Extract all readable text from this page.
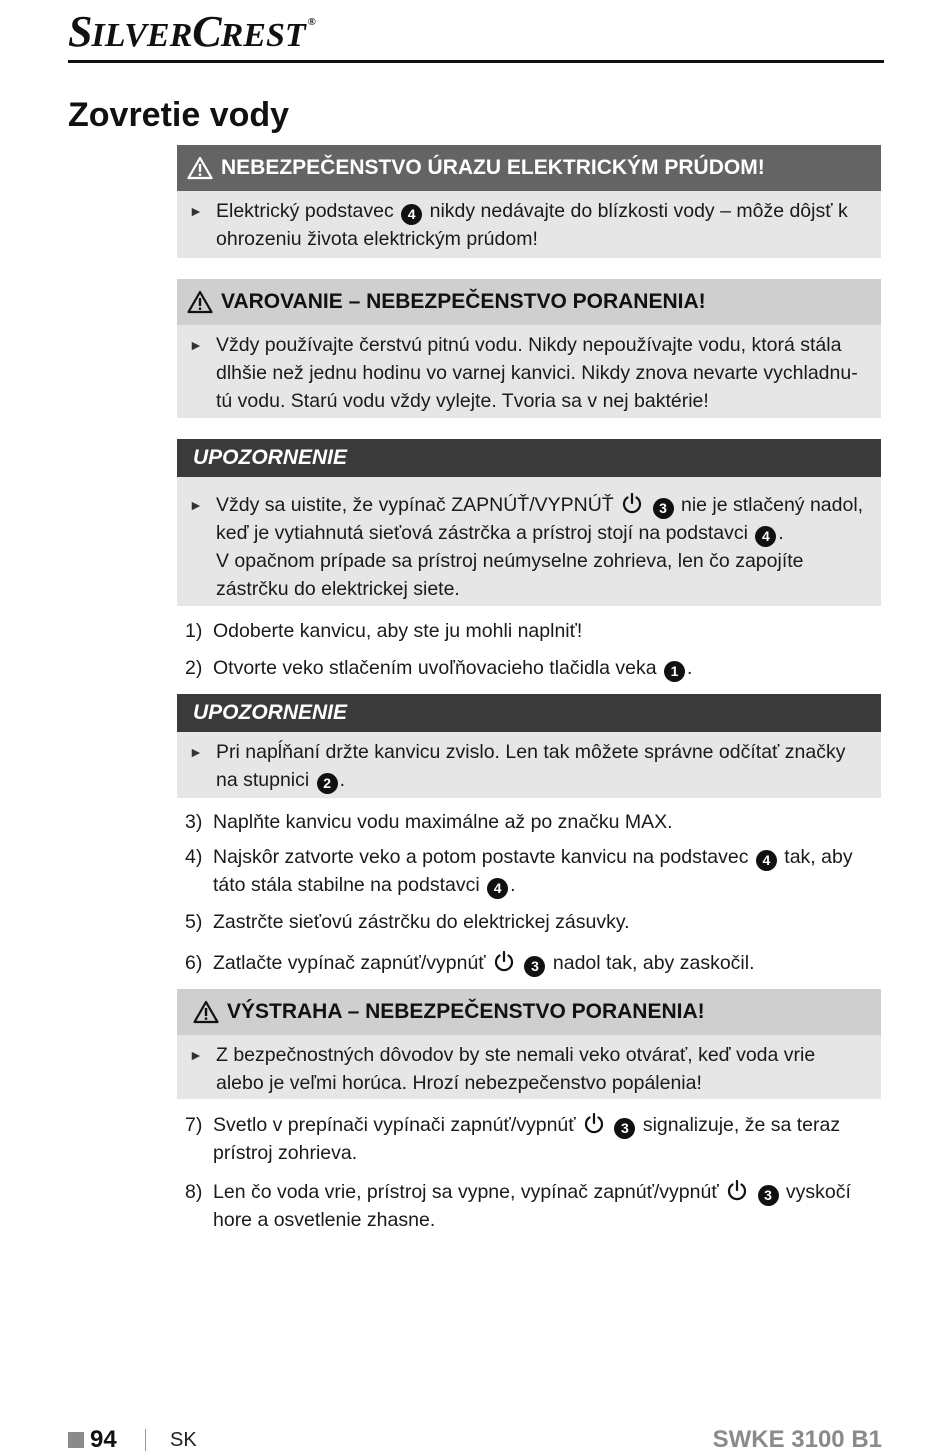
SILVERCREST ®
Zovretie vody
NEBEZPEČENSTVO ÚRAZU ELEKTRICKÝM PRÚDOM!
► Elektrický podstavec 4 nikdy nedávajte do blízkosti vody – môže dôjsť k ohrozeniu života elektrickým prúdom!

VAROVANIE – NEBEZPEČENSTVO PORANENIA!
► Vždy používajte čerstvú pitnú vodu. Nikdy nepoužívajte vodu, ktorá stála dlhšie než jednu hodinu vo varnej kanvici. Nikdy znova nevarte vychladnu-tú vodu. Starú vodu vždy vylejte. Tvoria sa v nej baktérie!

UPOZORNENIE
► Vždy sa uistite, že vypínač ZAPNÚŤ/VYPNÚŤ	3 nie je stlačený nadol, keď je vytiahnutá sieťová zástrčka a prístroj stojí na podstavci 4 .

V opačnom prípade sa prístroj neúmyselne zohrieva, len čo zapojíte zástrčku do elektrickej siete.

1) Odoberte kanvicu, aby ste ju mohli naplniť!
2) Otvorte veko stlačením uvoľňovacieho tlačidla veka 1 .
UPOZORNENIE
► Pri napĺňaní držte kanvicu zvislo. Len tak môžete správne odčítať značky na stupnici 2 .

3) Naplňte kanvicu vodu maximálne až po značku MAX.
4) Najskôr zatvorte veko a potom postavte kanvicu na podstavec 4 tak, aby táto stála stabilne na podstavci 4 .
5) Zastrčte sieťovú zástrčku do elektrickej zásuvky.
6) Zatlačte vypínač zapnúť/vypnúť	3 nadol tak, aby zaskočil.
VÝSTRAHA – NEBEZPEČENSTVO PORANENIA!
► Z bezpečnostných dôvodov by ste nemali veko otvárať, keď voda vrie alebo je veľmi horúca. Hrozí nebezpečenstvo popálenia!

7) Svetlo v prepínači vypínači zapnúť/vypnúť	3 signalizuje, že sa teraz prístroj zohrieva.
8) Len čo voda vrie, prístroj sa vypne, vypínač zapnúť/vypnúť	3 vyskočí hore a osvetlenie zhasne.
94	SK	SWKE 3100 B1
